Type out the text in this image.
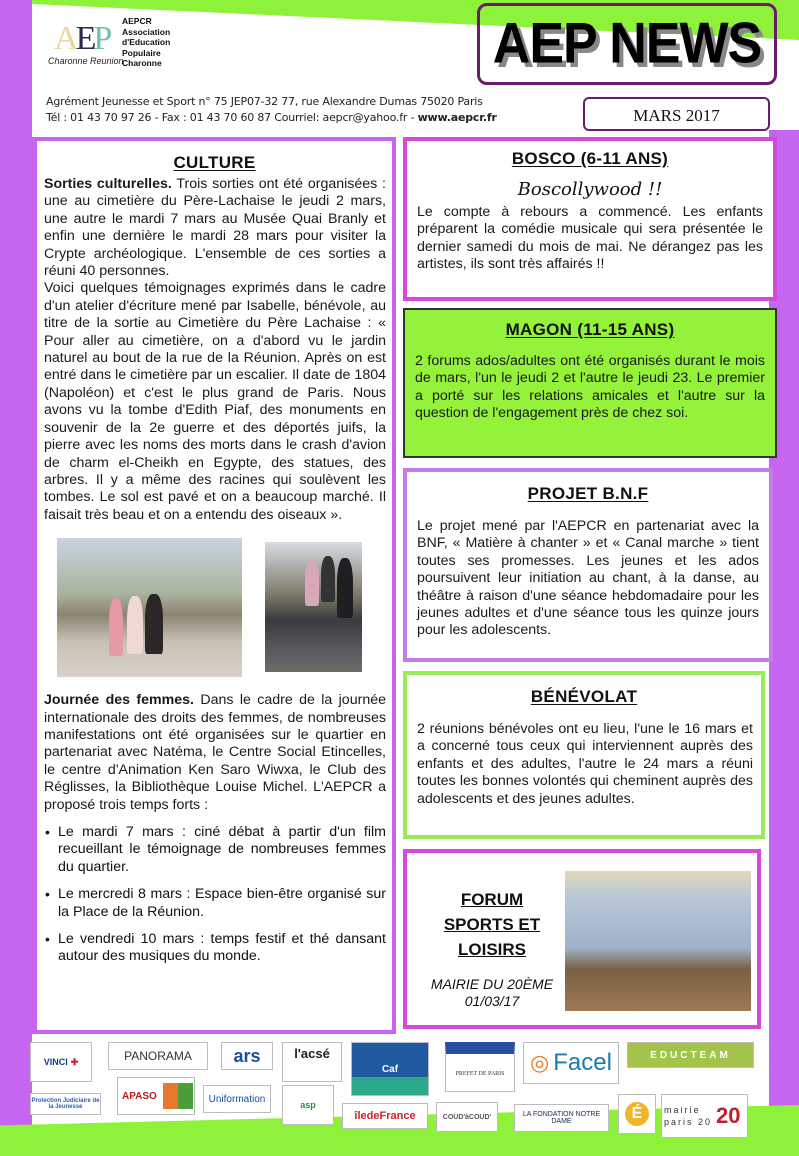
AEP
Charonne Reunion
AEPCR
Association
d'Education
Populaire
Charonne	AEP NEWS
MARS 2017
Agrément Jeunesse et Sport n° 75 JEP07-32 77, rue Alexandre Dumas 75020 Paris
Tél : 01 43 70 97 26 - Fax : 01 43 70 60 87 Courriel: aepcr@yahoo.fr - www.aepcr.fr
CULTURE

Sorties culturelles. Trois sorties ont été organisées : une au cimetière du Père-Lachaise le jeudi 2 mars, une autre le mardi 7 mars au Musée Quai Branly et enfin une dernière le mardi 28 mars pour visiter la Crypte archéologique. L'ensemble de ces sorties a réuni 40 personnes.

Voici quelques témoignages exprimés dans le cadre d'un atelier d'écriture mené par Isabelle, bénévole, au titre de la sortie au Cimetière du Père Lachaise : « Pour aller au cimetière, on a d'abord vu le jardin naturel au bout de la rue de la Réunion. Après on est entré dans le cimetière par un escalier. Il date de 1804 (Napoléon) et c'est le plus grand de Paris. Nous avons vu la tombe d'Edith Piaf, des monuments en souvenir de la 2e guerre et des déportés juifs, la pierre avec les noms des morts dans le crash d'avion de charm el-Cheikh en Egypte, des statues, des arbres. Il y a même des racines qui soulèvent les tombes. Le sol est pavé et on a beaucoup marché. Il faisait très beau et on a entendu des oiseaux ».

Journée des femmes. Dans le cadre de la journée internationale des droits des femmes, de nombreuses manifestations ont été organisées sur le quartier en partenariat avec Natéma, le Centre Social Etincelles, le centre d'Animation Ken Saro Wiwxa, le Club des Réglisses, la Bibliothèque Louise Michel. L'AEPCR a proposé trois temps forts :

• Le mardi 7 mars : ciné débat à partir d'un film recueillant le témoignage de nombreuses femmes du quartier.
• Le mercredi 8 mars : Espace bien-être organisé sur la Place de la Réunion.
• Le vendredi 10 mars : temps festif et thé dansant autour des musiques du monde.
BOSCO (6-11 ANS)
Boscollywood !!

Le compte à rebours a commencé. Les enfants préparent la comédie musicale qui sera présentée le dernier samedi du mois de mai. Ne dérangez pas les artistes, ils sont très affairés !!

MAGON (11-15 ANS)

2 forums ados/adultes ont été organisés durant le mois de mars, l'un le jeudi 2 et l'autre le jeudi 23. Le premier a porté sur les relations amicales et l'autre sur la question de l'engagement près de chez soi.

PROJET B.N.F

Le projet mené par l'AEPCR en partenariat avec la BNF, « Matière à chanter » et « Canal marche » tient toutes ses promesses. Les jeunes et les ados poursuivent leur initiation au chant, à la danse, au théâtre à raison d'une séance hebdomadaire pour les jeunes adultes et d'une séance tous les quinze jours pour les adolescents.

BÉNÉVOLAT

2 réunions bénévoles ont eu lieu, l'une le 16 mars et a concerné tous ceux qui interviennent auprès des enfants et des adultes, l'autre le 24 mars a réuni toutes les bonnes volontés qui cheminent auprès des adolescents et des jeunes adultes.

FORUM
SPORTS ET
LOISIRS
MAIRIE DU 20ÈME
01/03/17
VINCI ✚	PANORAMA ars	l'acsé
Caf	PREFET DE PARIS ◎ Facel	EDUCTEAM
Protection Judiciaire de la Jeunesse
APASO	Uniformation
asp
îledeFrance	COUD'àCOUD'	LA FONDATION NOTRE DAME	É	mairie paris 20 20
